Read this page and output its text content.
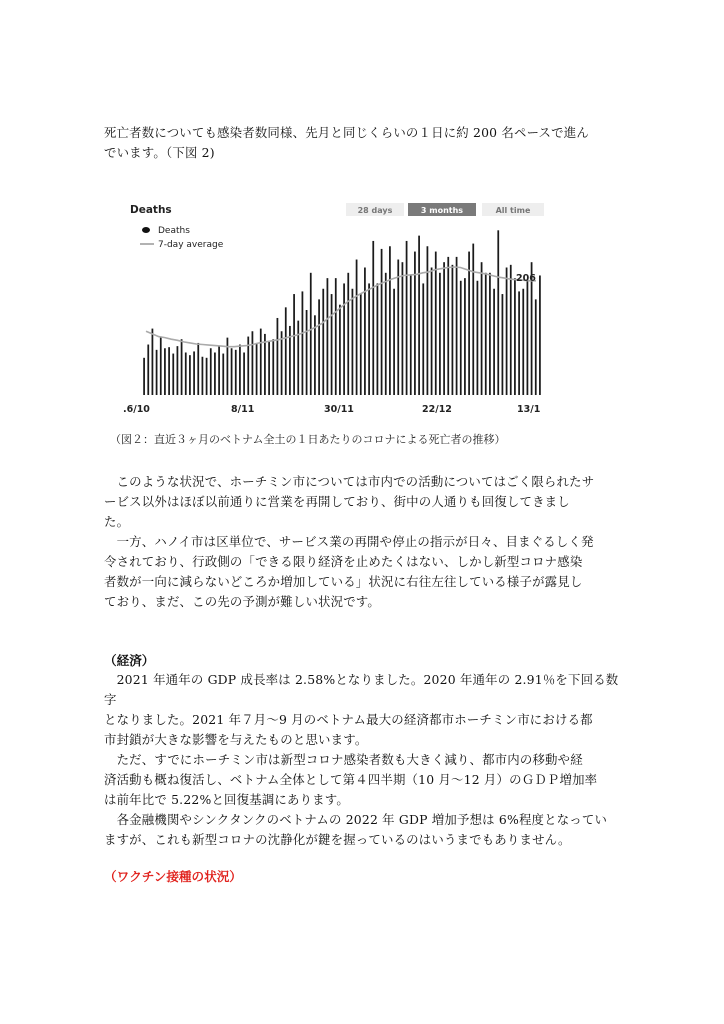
死亡者数についても感染者数同様、先月と同じくらいの１日に約 200 名ペースで進ん
でいます。（下図 2)

Deaths	28 days	3 months	All time
Deaths
7-day average
206
.6/10	8/11	30/11	22/12	13/1
（図２：直近３ヶ月のベトナム全土の１日あたりのコロナによる死亡者の推移）

　このような状況で、ホーチミン市については市内での活動についてはごく限られたサ
ービス以外はほぼ以前通りに営業を再開しており、街中の人通りも回復してきまし
た。
　一方、ハノイ市は区単位で、サービス業の再開や停止の指示が日々、目まぐるしく発
令されており、行政側の「できる限り経済を止めたくはない、しかし新型コロナ感染
者数が一向に減らないどころか増加している」状況に右往左往している様子が露見し
ており、まだ、この先の予測が難しい状況です。

（経済）

　2021 年通年の GDP 成長率は 2.58%となりました。2020 年通年の 2.91％を下回る数字
となりました。2021 年７月～9 月のベトナム最大の経済都市ホーチミン市における都
市封鎖が大きな影響を与えたものと思います。
　ただ、すでにホーチミン市は新型コロナ感染者数も大きく減り、都市内の移動や経
済活動も概ね復活し、ベトナム全体として第４四半期（10 月～12 月）のＧＤＰ増加率
は前年比で 5.22%と回復基調にあります。
　各金融機関やシンクタンクのベトナムの 2022 年 GDP 増加予想は 6%程度となってい
ますが、これも新型コロナの沈静化が鍵を握っているのはいうまでもありません。

（ワクチン接種の状況）
